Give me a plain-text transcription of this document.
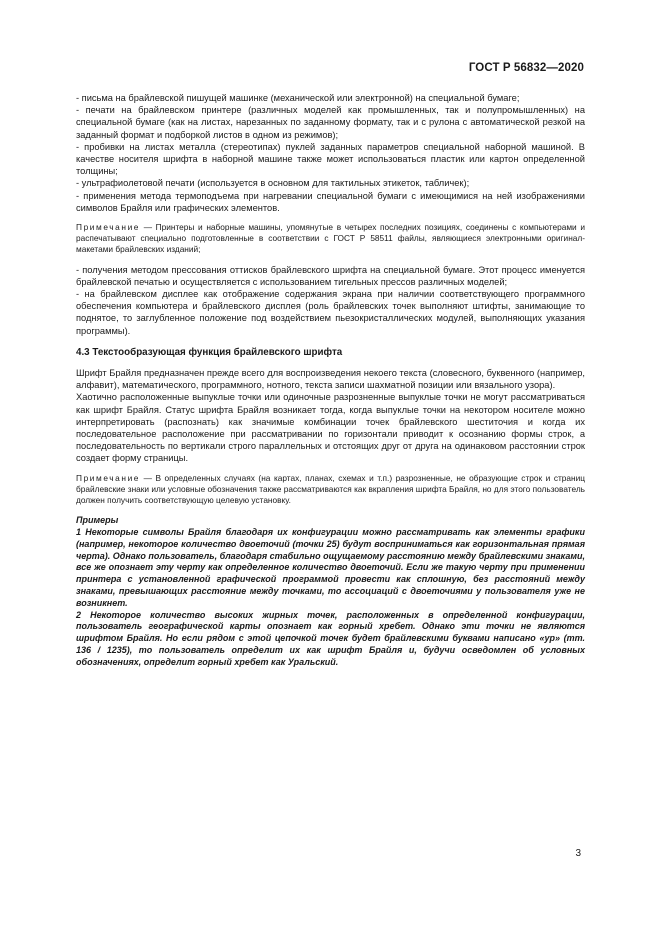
ГОСТ Р 56832—2020

- письма на брайлевской пишущей машинке (механической или электронной) на специальной бумаге;

- печати на брайлевском принтере (различных моделей как промышленных, так и полупромышленных) на специальной бумаге (как на листах, нарезанных по заданному формату, так и с рулона с автоматической резкой на заданный формат и подборкой листов в одном из режимов);

- пробивки на листах металла (стереотипах) пуклей заданных параметров специальной наборной машиной. В качестве носителя шрифта в наборной машине также может использоваться пластик или картон определенной толщины;

- ультрафиолетовой печати (используется в основном для тактильных этикеток, табличек);

- применения метода термоподъема при нагревании специальной бумаги с имеющимися на ней изображениями символов Брайля или графических элементов.

Примечание — Принтеры и наборные машины, упомянутые в четырех последних позициях, соединены с компьютерами и распечатывают специально подготовленные в соответствии с ГОСТ Р 58511 файлы, являющиеся электронными оригинал-макетами брайлевских изданий;

- получения методом прессования оттисков брайлевского шрифта на специальной бумаге. Этот процесс именуется брайлевской печатью и осуществляется с использованием тигельных прессов различных моделей;

- на брайлевском дисплее как отображение содержания экрана при наличии соответствующего программного обеспечения компьютера и брайлевского дисплея (роль брайлевских точек выполняют штифты, занимающие то поднятое, то заглубленное положение под воздействием пьезокристаллических модулей, выполняющих указания программы).

4.3 Текстообразующая функция брайлевского шрифта

Шрифт Брайля предназначен прежде всего для воспроизведения некоего текста (словесного, буквенного (например, алфавит), математического, программного, нотного, текста записи шахматной позиции или вязального узора).

Хаотично расположенные выпуклые точки или одиночные разрозненные выпуклые точки не могут рассматриваться как шрифт Брайля. Статус шрифта Брайля возникает тогда, когда выпуклые точки на некотором носителе можно интерпретировать (распознать) как значимые комбинации точек брайлевского шеститочия и когда их последовательное расположение при рассматривании по горизонтали приводит к осознанию формы строк, а последовательность по вертикали строго параллельных и отстоящих друг от друга на одинаковом расстоянии строк создает форму страницы.

Примечание — В определенных случаях (на картах, планах, схемах и т.п.) разрозненные, не образующие строк и страниц брайлевские знаки или условные обозначения также рассматриваются как вкрапления шрифта Брайля, но для этого пользователь должен получить соответствующую целевую установку.

Примеры

1 Некоторые символы Брайля благодаря их конфигурации можно рассматривать как элементы графики (например, некоторое количество двоеточий (точки 25) будут восприниматься как горизонтальная прямая черта). Однако пользователь, благодаря стабильно ощущаемому расстоянию между брайлевскими знаками, все же опознает эту черту как определенное количество двоеточий. Если же такую черту при применении принтера с установленной графической программой провести как сплошную, без расстояний между знаками, превышающих расстояние между точками, то ассоциаций с двоеточиями у пользователя уже не возникнет.

2 Некоторое количество высоких жирных точек, расположенных в определенной конфигурации, пользователь географической карты опознает как горный хребет. Однако эти точки не являются шрифтом Брайля. Но если рядом с этой цепочкой точек будет брайлевскими буквами написано «ур» (тт. 136 / 1235), то пользователь определит их как шрифт Брайля и, будучи осведомлен об условных обозначениях, определит горный хребет как Уральский.

3
